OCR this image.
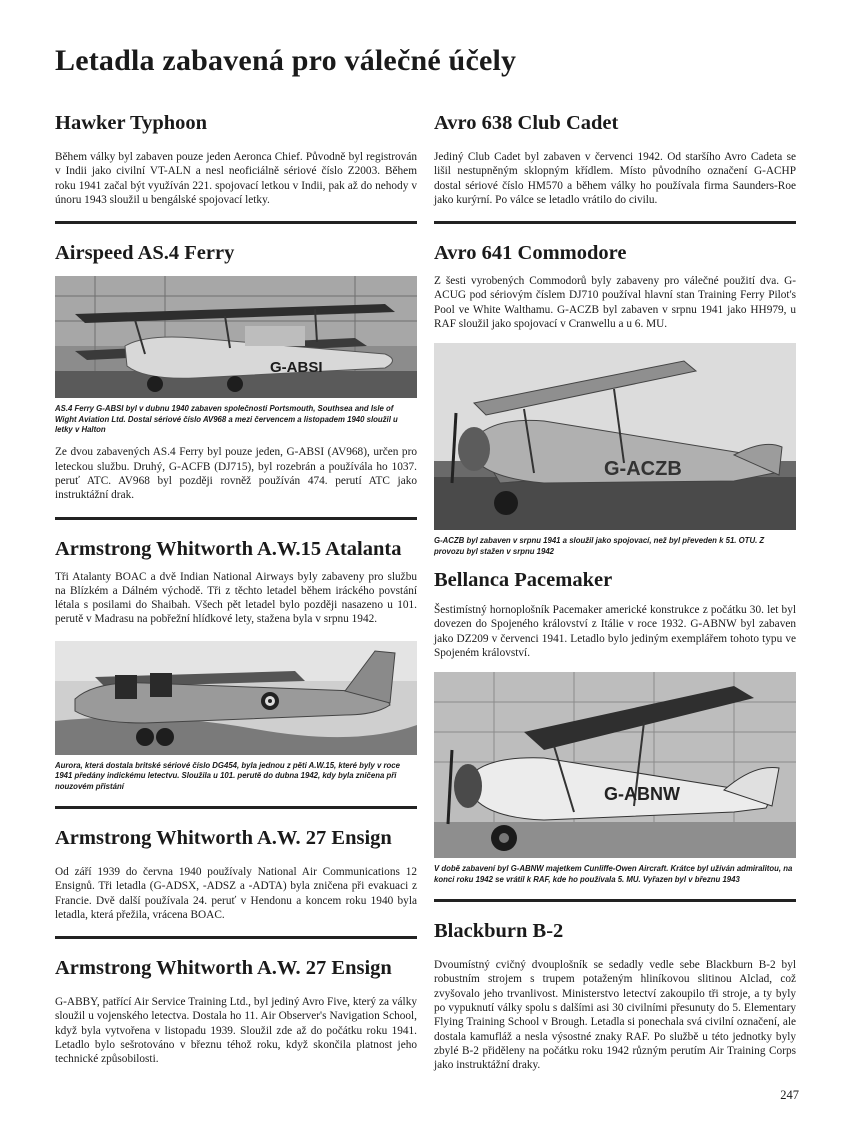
Letadla zabavená pro válečné účely
Hawker Typhoon

Během války byl zabaven pouze jeden Aeronca Chief. Původně byl registrován v Indii jako civilní VT-ALN a nesl neoficiálně sériové číslo Z2003. Během roku 1941 začal být využíván 221. spojovací letkou v Indii, pak až do nehody v únoru 1943 sloužil u bengálské spojovací letky.

Airspeed AS.4 Ferry
G-ABSI

AS.4 Ferry G-ABSI byl v dubnu 1940 zabaven společnosti Portsmouth, Southsea and Isle of Wight Aviation Ltd. Dostal sériové číslo AV968 a mezi červencem a listopadem 1940 sloužil u letky v Halton

Ze dvou zabavených AS.4 Ferry byl pouze jeden, G-ABSI (AV968), určen pro leteckou službu. Druhý, G-ACFB (DJ715), byl rozebrán a používála ho 1037. peruť ATC. AV968 byl později rovněž používán 474. perutí ATC jako instruktážní drak.

Armstrong Whitworth A.W.15 Atalanta

Tři Atalanty BOAC a dvě Indian National Airways byly zabaveny pro službu na Blízkém a Dálném východě. Tři z těchto letadel během iráckého povstání létala s posilami do Shaibah. Všech pět letadel bylo později nasazeno u 101. perutě v Madrasu na pobřežní hlídkové lety, stažena byla v srpnu 1942.

Aurora, která dostala britské sériové číslo DG454, byla jednou z pěti A.W.15, které byly v roce 1941 předány indickému letectvu. Sloužila u 101. perutě do dubna 1942, kdy byla zničena při nouzovém přistání

Armstrong Whitworth A.W. 27 Ensign

Od září 1939 do června 1940 používaly National Air Communications 12 Ensignů. Tři letadla (G-ADSX, -ADSZ a -ADTA) byla zničena při evakuaci z Francie. Dvě další používala 24. peruť v Hendonu a koncem roku 1940 byla letadla, která přežila, vrácena BOAC.

Armstrong Whitworth A.W. 27 Ensign

G-ABBY, patřící Air Service Training Ltd., byl jediný Avro Five, který za války sloužil u vojenského letectva. Dostala ho 11. Air Observer's Navigation School, když byla vytvořena v listopadu 1939. Sloužil zde až do počátku roku 1941. Letadlo bylo sešrotováno v březnu téhož roku, když skončila platnost jeho technické způsobilosti.

Avro 638 Club Cadet

Jediný Club Cadet byl zabaven v červenci 1942. Od staršího Avro Cadeta se lišil nestupněným sklopným křídlem. Místo původního označení G-ACHP dostal sériové číslo HM570 a během války ho používala firma Saunders-Roe jako kurýrní. Po válce se letadlo vrátilo do civilu.

Avro 641 Commodore

Z šesti vyrobených Commodorů byly zabaveny pro válečné použití dva. G-ACUG pod sériovým číslem DJ710 používal hlavní stan Training Ferry Pilot's Pool ve White Walthamu. G-ACZB byl zabaven v srpnu 1941 jako HH979, u RAF sloužil jako spojovací v Cranwellu a u 6. MU.

G-ACZB

G-ACZB byl zabaven v srpnu 1941 a sloužil jako spojovací, než byl převeden k 51. OTU. Z provozu byl stažen v srpnu 1942

Bellanca Pacemaker

Šestimístný hornoplošník Pacemaker americké konstrukce z počátku 30. let byl dovezen do Spojeného království z Itálie v roce 1932. G-ABNW byl zabaven jako DZ209 v červenci 1941. Letadlo bylo jediným exemplářem tohoto typu ve Spojeném království.

G-ABNW

V době zabavení byl G-ABNW majetkem Cunliffe-Owen Aircraft. Krátce byl užíván admiralitou, na konci roku 1942 se vrátil k RAF, kde ho používala 5. MU. Vyřazen byl v březnu 1943

Blackburn B-2

Dvoumístný cvičný dvouplošník se sedadly vedle sebe Blackburn B-2 byl robustním strojem s trupem potaženým hliníkovou slitinou Alclad, což zvyšovalo jeho trvanlivost. Ministerstvo letectví zakoupilo tři stroje, a ty byly po vypuknutí války spolu s dalšími asi 30 civilními přesunuty do 5. Elementary Flying Training School v Brough. Letadla si ponechala svá civilní označení, ale dostala kamufláž a nesla výsostné znaky RAF. Po službě u této jednotky byly zbylé B-2 přiděleny na počátku roku 1942 různým perutím Air Training Corps jako instruktážní draky.

247
